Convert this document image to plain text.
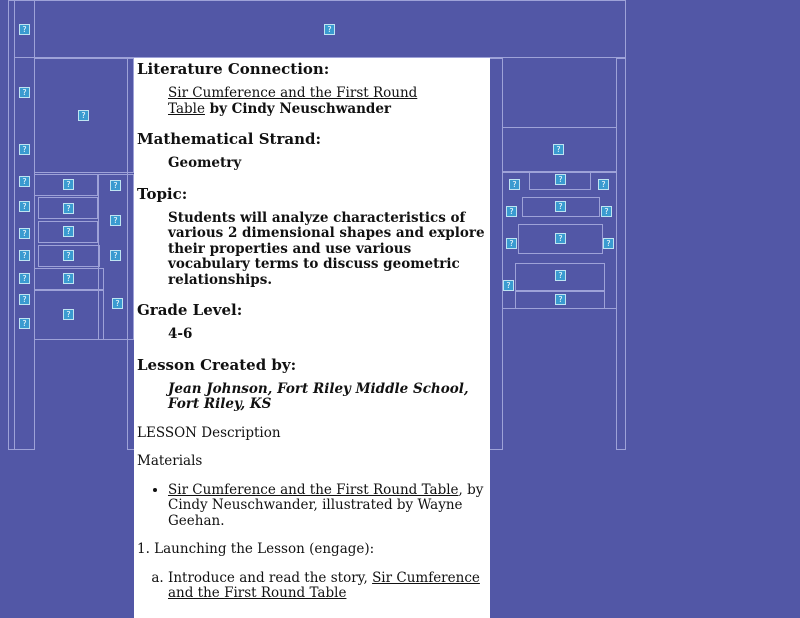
?	?
?
?
?
?	?	?
?	?
?
?	?
?	?	?
?	?
?	?
?
?
?
?
?
?
?
?
?
?
?
?
?
?
?
Literature Connection:
Sir Cumference and the First Round
Table by Cindy Neuschwander
Mathematical Strand:
Geometry
Topic:
Students will analyze characteristics of various 2 dimensional shapes and explore their properties and use various vocabulary terms to discuss geometric relationships.
Grade Level:
4-6
Lesson Created by:
Jean Johnson, Fort Riley Middle School, Fort Riley, KS

LESSON Description

Materials

• Sir Cumference and the First Round Table, by Cindy Neuschwander, illustrated by Wayne Geehan.

1. Launching the Lesson (engage):

a. Introduce and read the story, Sir Cumference and the First Round Table
